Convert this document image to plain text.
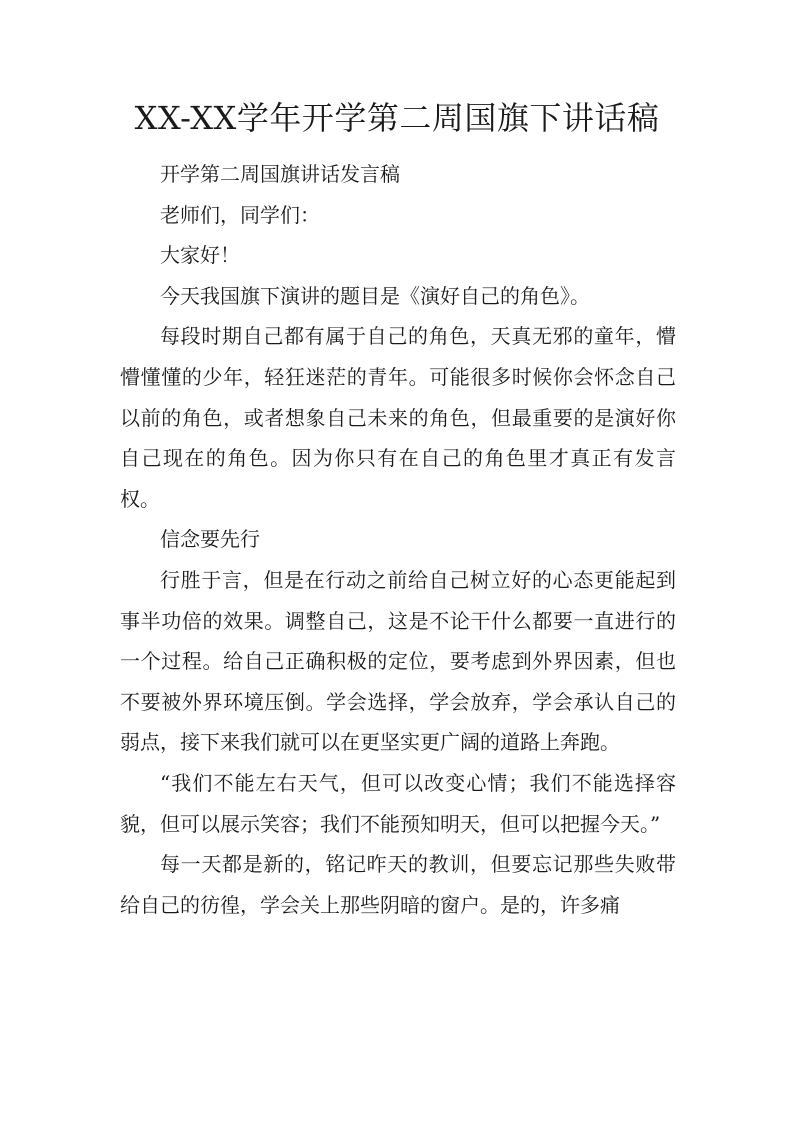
XX-XX学年开学第二周国旗下讲话稿

开学第二周国旗讲话发言稿

老师们，同学们：

大家好！

今天我国旗下演讲的题目是《演好自己的角色》。

每段时期自己都有属于自己的角色，天真无邪的童年，懵懵懂懂的少年，轻狂迷茫的青年。可能很多时候你会怀念自己以前的角色，或者想象自己未来的角色，但最重要的是演好你自己现在的角色。因为你只有在自己的角色里才真正有发言权。

信念要先行

行胜于言，但是在行动之前给自己树立好的心态更能起到事半功倍的效果。调整自己，这是不论干什么都要一直进行的一个过程。给自己正确积极的定位，要考虑到外界因素，但也不要被外界环境压倒。学会选择，学会放弃，学会承认自己的弱点，接下来我们就可以在更坚实更广阔的道路上奔跑。

“我们不能左右天气，但可以改变心情；我们不能选择容貌，但可以展示笑容；我们不能预知明天，但可以把握今天。”

每一天都是新的，铭记昨天的教训，但要忘记那些失败带给自己的彷徨，学会关上那些阴暗的窗户。是的，许多痛
